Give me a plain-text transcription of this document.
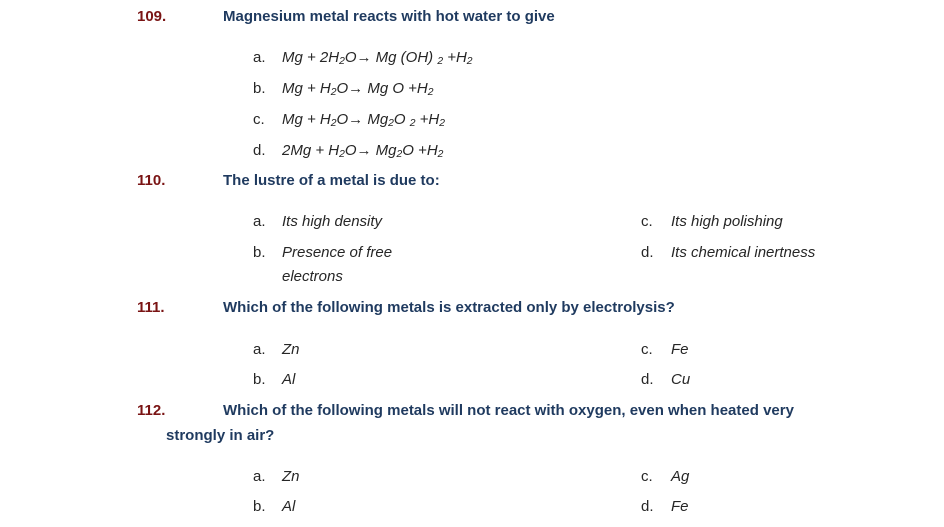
109.	Magnesium metal reacts with hot water to give
a. Mg + 2H₂O→ Mg (OH) ₂ +H₂
b. Mg + H₂O→ Mg O +H₂
c. Mg + H₂O→ Mg₂O ₂ +H₂
d. 2Mg + H₂O→ Mg₂O +H₂
110.	The lustre of a metal is due to:
a. Its high density
b. Presence of free
electrons
c. Its high polishing
d. Its chemical inertness
111.	Which of the following metals is extracted only by electrolysis?
a. Zn
b. Al
c. Fe
d. Cu
112.	Which of the following metals will not react with oxygen, even when heated very
strongly in air?
a. Zn
b. Al
c. Ag
d. Fe
